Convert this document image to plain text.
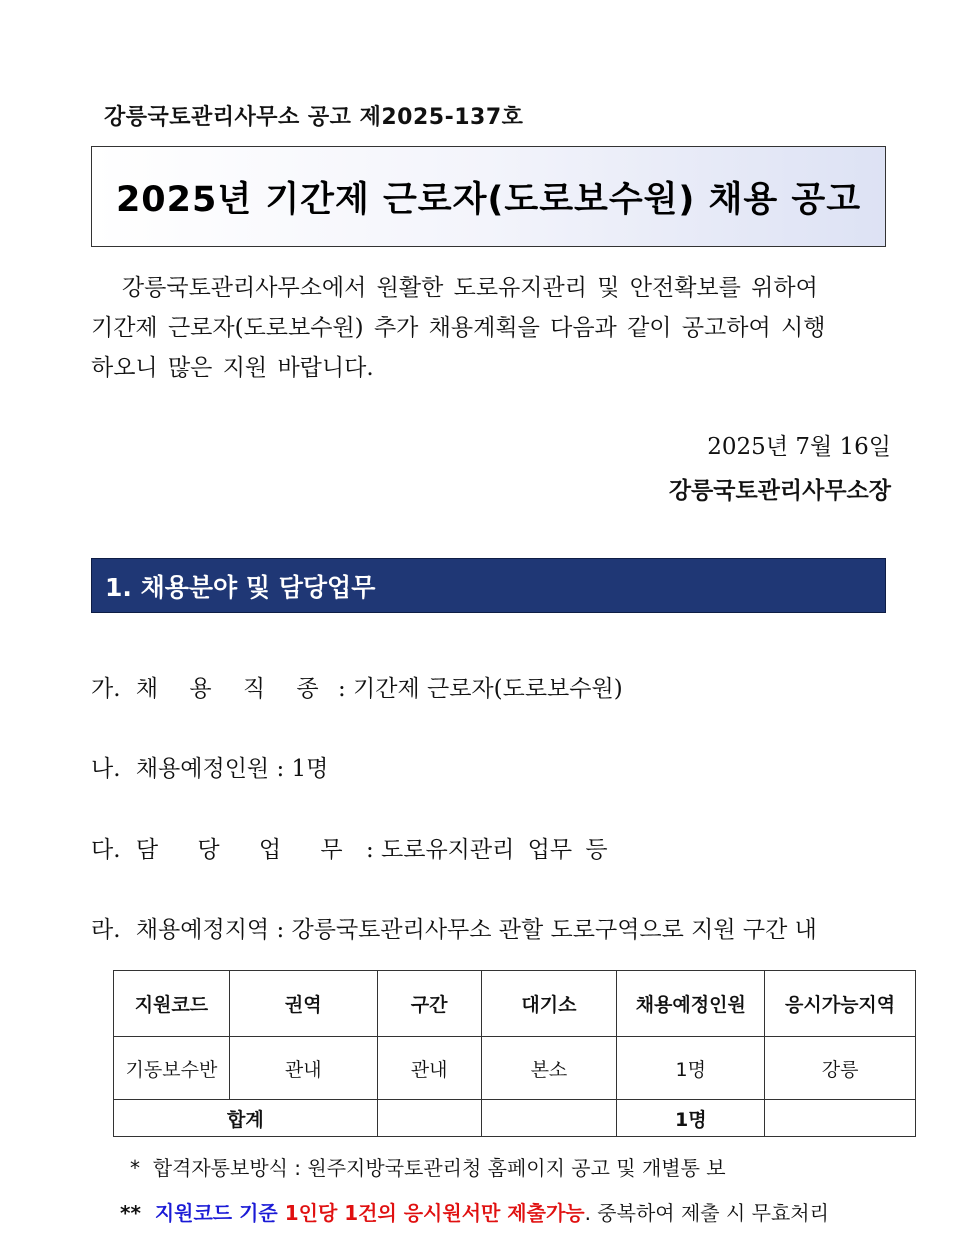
강릉국토관리사무소 공고 제2025-137호
2025년 기간제 근로자(도로보수원) 채용 공고
강릉국토관리사무소에서 원활한 도로유지관리 및 안전확보를 위하여
기간제 근로자(도로보수원) 추가 채용계획을 다음과 같이 공고하여 시행
하오니 많은 지원 바랍니다.
2025년 7월 16일
강릉국토관리사무소장
1. 채용분야 및 담당업무
가. 채 용 직 종 : 기간제 근로자(도로보수원)
나. 채용예정인원 : 1명
다. 담 당 업 무 : 도로유지관리 업무 등
라. 채용예정지역 : 강릉국토관리사무소 관할 도로구역으로 지원 구간 내
지원코드	권역	구간	대기소	채용예정인원	응시가능지역
기동보수반	관내	관내	본소	1명	강릉
합계				1명	
*  합격자통보방식 : 원주지방국토관리청 홈페이지 공고 및 개별통 보
**  지원코드 기준 1인당 1건의 응시원서만 제출가능. 중복하여 제출 시 무효처리
